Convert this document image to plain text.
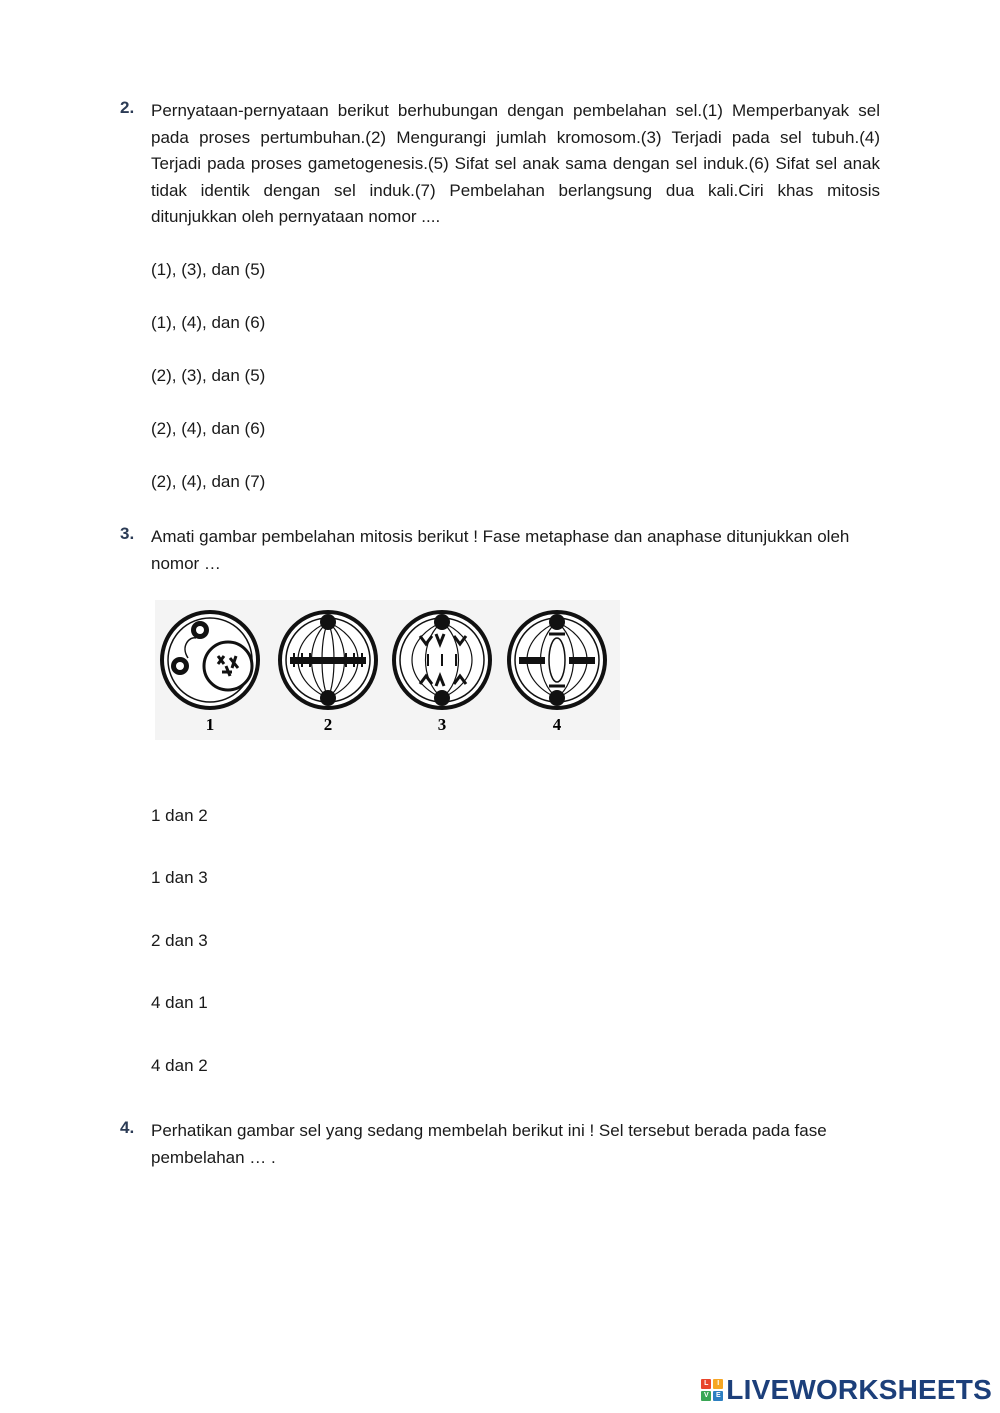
2. Pernyataan-pernyataan berikut berhubungan dengan pembelahan sel.(1) Memperbanyak sel pada proses pertumbuhan.(2) Mengurangi jumlah kromosom.(3) Terjadi pada sel tubuh.(4) Terjadi pada proses gametogenesis.(5) Sifat sel anak sama dengan sel induk.(6) Sifat sel anak tidak identik dengan sel induk.(7) Pembelahan berlangsung dua kali.Ciri khas mitosis ditunjukkan oleh pernyataan nomor ....
(1), (3), dan (5)
(1), (4), dan (6)
(2), (3), dan (5)
(2), (4), dan (6)
(2), (4), dan (7)
3. Amati gambar pembelahan mitosis berikut ! Fase metaphase dan anaphase ditunjukkan oleh nomor …
1	2	3	4
1 dan 2
1 dan 3
2 dan 3
4 dan 1
4 dan 2
4. Perhatikan gambar sel yang sedang membelah berikut ini ! Sel tersebut berada pada fase pembelahan … .
L	I
V	E LIVEWORKSHEETS
